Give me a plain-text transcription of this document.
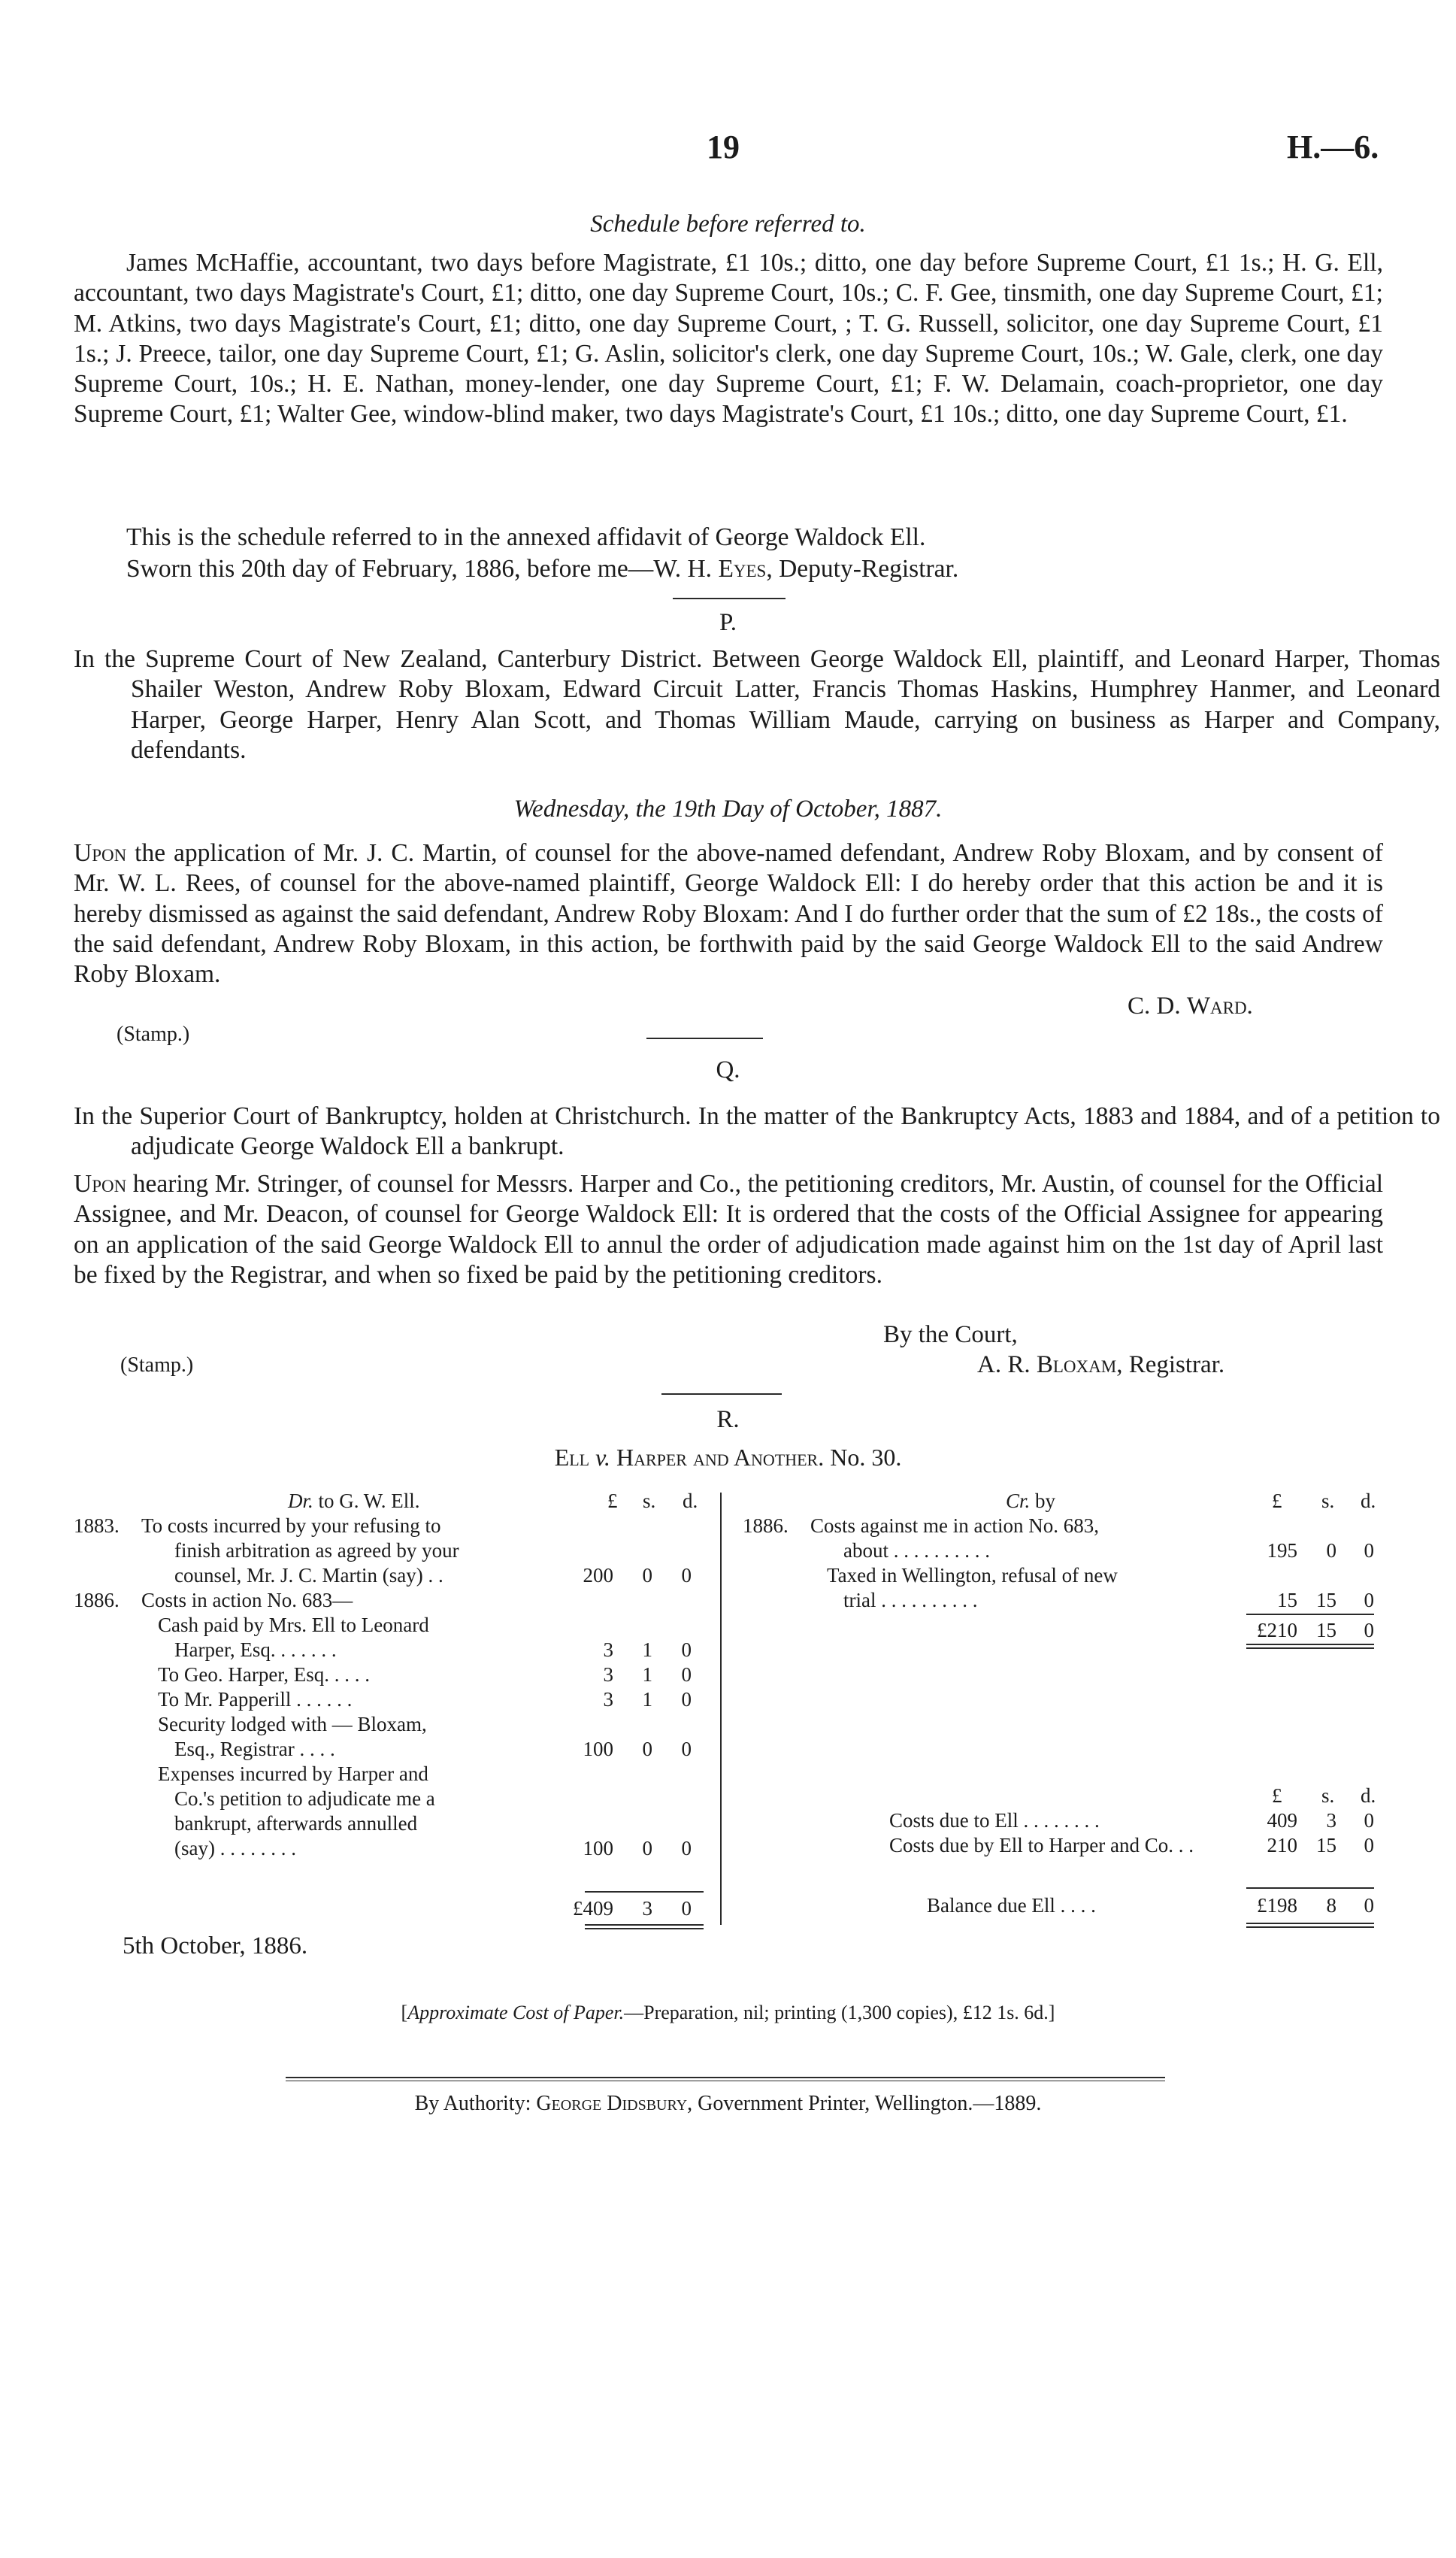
19	H.—6.
Schedule before referred to.
James McHaffie, accountant, two days before Magistrate, £1 10s.; ditto, one day before Supreme Court, £1 1s.; H. G. Ell, accountant, two days Magistrate's Court, £1; ditto, one day Supreme Court, 10s.; C. F. Gee, tinsmith, one day Supreme Court, £1; M. Atkins, two days Magistrate's Court, £1; ditto, one day Supreme Court, ; T. G. Russell, solicitor, one day Supreme Court, £1 1s.; J. Preece, tailor, one day Supreme Court, £1; G. Aslin, solicitor's clerk, one day Supreme Court, 10s.; W. Gale, clerk, one day Supreme Court, 10s.; H. E. Nathan, money-lender, one day Supreme Court, £1; F. W. Delamain, coach-proprietor, one day Supreme Court, £1; Walter Gee, window-blind maker, two days Magistrate's Court, £1 10s.; ditto, one day Supreme Court, £1.
This is the schedule referred to in the annexed affidavit of George Waldock Ell.
Sworn this 20th day of February, 1886, before me—W. H. Eyes, Deputy-Registrar.
P.
In the Supreme Court of New Zealand, Canterbury District. Between George Waldock Ell, plaintiff, and Leonard Harper, Thomas Shailer Weston, Andrew Roby Bloxam, Edward Circuit Latter, Francis Thomas Haskins, Humphrey Hanmer, and Leonard Harper, George Harper, Henry Alan Scott, and Thomas William Maude, carrying on business as Harper and Company, defendants.
Wednesday, the 19th Day of October, 1887.
Upon the application of Mr. J. C. Martin, of counsel for the above-named defendant, Andrew Roby Bloxam, and by consent of Mr. W. L. Rees, of counsel for the above-named plaintiff, George Waldock Ell: I do hereby order that this action be and it is hereby dismissed as against the said defendant, Andrew Roby Bloxam: And I do further order that the sum of £2 18s., the costs of the said defendant, Andrew Roby Bloxam, in this action, be forthwith paid by the said George Waldock Ell to the said Andrew Roby Bloxam.
C. D. Ward.
(Stamp.)
Q.
In the Superior Court of Bankruptcy, holden at Christchurch. In the matter of the Bankruptcy Acts, 1883 and 1884, and of a petition to adjudicate George Waldock Ell a bankrupt.
Upon hearing Mr. Stringer, of counsel for Messrs. Harper and Co., the petitioning creditors, Mr. Austin, of counsel for the Official Assignee, and Mr. Deacon, of counsel for George Waldock Ell: It is ordered that the costs of the Official Assignee for appearing on an application of the said George Waldock Ell to annul the order of adjudication made against him on the 1st day of April last be fixed by the Registrar, and when so fixed be paid by the petitioning creditors.
By the Court,
(Stamp.)	A. R. Bloxam, Registrar.
R.
Ell v. Harper and Another. No. 30.
Dr. to G. W. Ell.	£ s. d.
1883. To costs incurred by your refusing to
finish arbitration as agreed by your
counsel, Mr. J. C. Martin (say) . .	200 0 0
1886. Costs in action No. 683—
Cash paid by Mrs. Ell to Leonard
Harper, Esq. . . . . . .	3 1 0
To Geo. Harper, Esq. . . . .	3 1 0
To Mr. Papperill . . . . . .	3 1 0
Security lodged with — Bloxam,
Esq., Registrar . . . .	100 0 0
Expenses incurred by Harper and
Co.'s petition to adjudicate me a
bankrupt, afterwards annulled
(say) . . . . . . . .	100 0 0
£409 3 0
Cr. by	£ s. d.
1886. Costs against me in action No. 683,
about . . . . . . . . . .	195 0 0
Taxed in Wellington, refusal of new
trial . . . . . . . . . .	15 15 0
£210 15 0
£ s. d.
Costs due to Ell . . . . . . . .	409 3 0
Costs due by Ell to Harper and Co. . .	210 15 0
Balance due Ell . . . .	£198 8 0
5th October, 1886.
[Approximate Cost of Paper.—Preparation, nil; printing (1,300 copies), £12 1s. 6d.]
By Authority: George Didsbury, Government Printer, Wellington.—1889.
